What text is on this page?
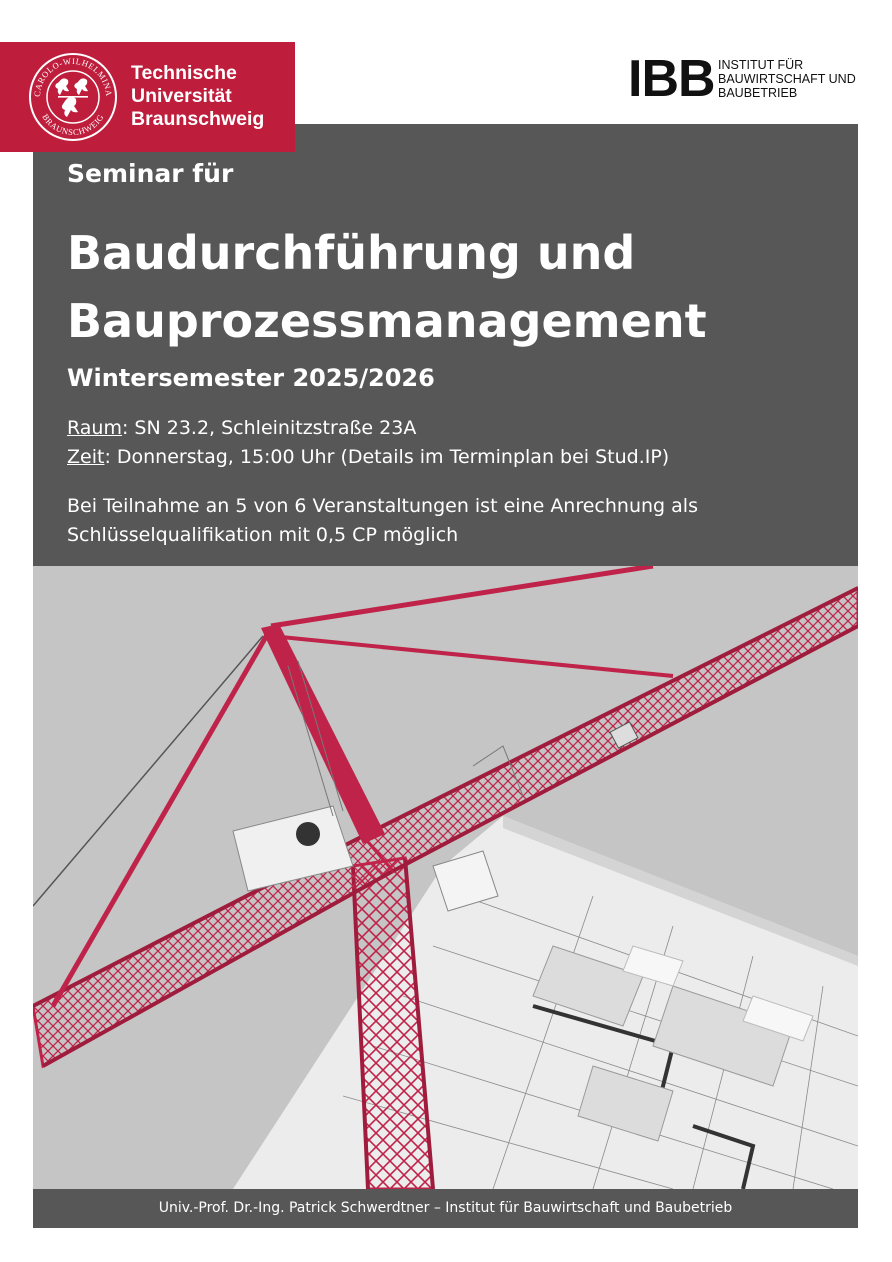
CAROLO-WILHELMINA
BRAUNSCHWEIG
Technische
Universität
Braunschweig
IBB INSTITUT FÜR
BAUWIRTSCHAFT UND
BAUBETRIEB
Seminar für
Baudurchführung und
Bauprozessmanagement
Wintersemester 2025/2026
Raum: SN 23.2, Schleinitzstraße 23A
Zeit: Donnerstag, 15:00 Uhr (Details im Terminplan bei Stud.IP)
Bei Teilnahme an 5 von 6 Veranstaltungen ist eine Anrechnung als
Schlüsselqualifikation mit 0,5 CP möglich
Univ.-Prof. Dr.-Ing. Patrick Schwerdtner – Institut für Bauwirtschaft und Baubetrieb
